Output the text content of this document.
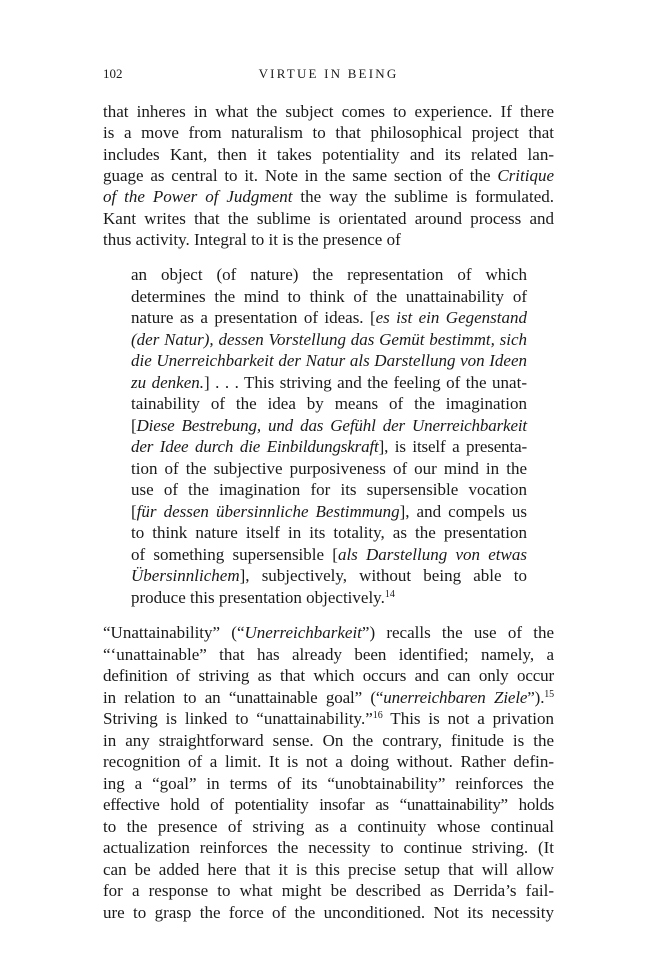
102	VIRTUE IN BEING
that inheres in what the subject comes to experience. If there
is a move from naturalism to that philosophical project that
includes Kant, then it takes potentiality and its related lan-
guage as central to it. Note in the same section of the Critique
of the Power of Judgment the way the sublime is formulated.
Kant writes that the sublime is orientated around process and
thus activity. Integral to it is the presence of
an object (of nature) the representation of which
determines the mind to think of the unattainability of
nature as a presentation of ideas. [es ist ein Gegenstand
(der Natur), dessen Vorstellung das Gemüt bestimmt, sich
die Unerreichbarkeit der Natur als Darstellung von Ideen
zu denken.] . . . This striving and the feeling of the unat-
tainability of the idea by means of the imagination
[Diese Bestrebung, und das Gefühl der Unerreichbarkeit
der Idee durch die Einbildungskraft], is itself a presenta-
tion of the subjective purposiveness of our mind in the
use of the imagination for its supersensible vocation
[für dessen übersinnliche Bestimmung], and compels us
to think nature itself in its totality, as the presentation
of something supersensible [als Darstellung von etwas
Übersinnlichem], subjectively, without being able to
produce this presentation objectively.$^{14}$
“Unattainability” (“Unerreichbarkeit”) recalls the use of the
“‘unattainable” that has already been identified; namely, a
definition of striving as that which occurs and can only occur
in relation to an “unattainable goal” (“unerreichbaren Ziele”).$^{15}$
Striving is linked to “unattainability.”$^{16}$ This is not a privation
in any straightforward sense. On the contrary, finitude is the
recognition of a limit. It is not a doing without. Rather defin-
ing a “goal” in terms of its “unobtainability” reinforces the
effective hold of potentiality insofar as “unattainability” holds
to the presence of striving as a continuity whose continual
actualization reinforces the necessity to continue striving. (It
can be added here that it is this precise setup that will allow
for a response to what might be described as Derrida’s fail-
ure to grasp the force of the unconditioned. Not its necessity
